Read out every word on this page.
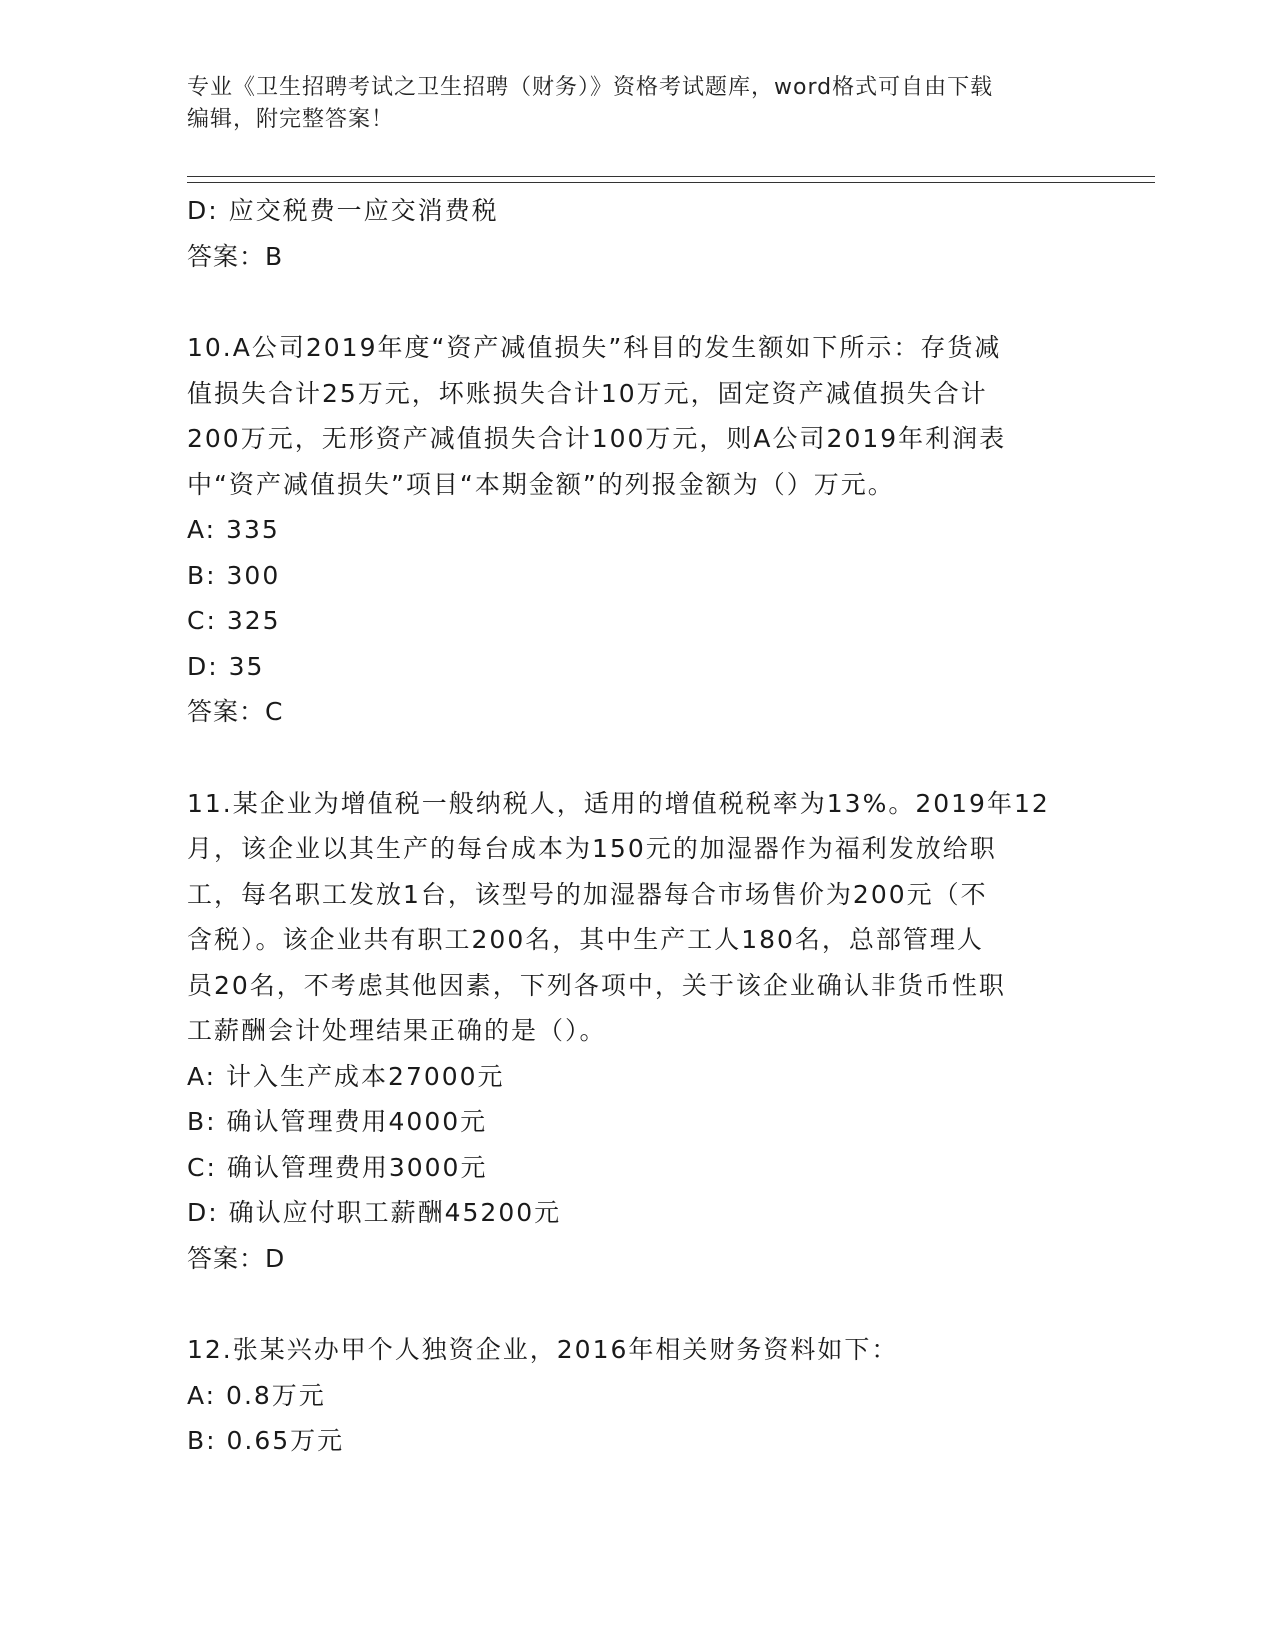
专业《卫生招聘考试之卫生招聘（财务）》资格考试题库，word格式可自由下载
编辑，附完整答案！
D: 应交税费一应交消费税
答案：B
10.A公司2019年度“资产减值损失”科目的发生额如下所示：存货减
值损失合计25万元，坏账损失合计10万元，固定资产减值损失合计
200万元，无形资产减值损失合计100万元，则A公司2019年利润表
中“资产减值损失”项目“本期金额”的列报金额为（）万元。
A: 335
B: 300
C: 325
D: 35
答案：C
11.某企业为增值税一般纳税人，适用的增值税税率为13%。2019年12
月，该企业以其生产的每台成本为150元的加湿器作为福利发放给职
工，每名职工发放1台，该型号的加湿器每合市场售价为200元（不
含税）。该企业共有职工200名，其中生产工人180名，总部管理人
员20名，不考虑其他因素，下列各项中，关于该企业确认非货币性职
工薪酬会计处理结果正确的是（）。
A: 计入生产成本27000元
B: 确认管理费用4000元
C: 确认管理费用3000元
D: 确认应付职工薪酬45200元
答案：D
12.张某兴办甲个人独资企业，2016年相关财务资料如下：
A: 0.8万元
B: 0.65万元
